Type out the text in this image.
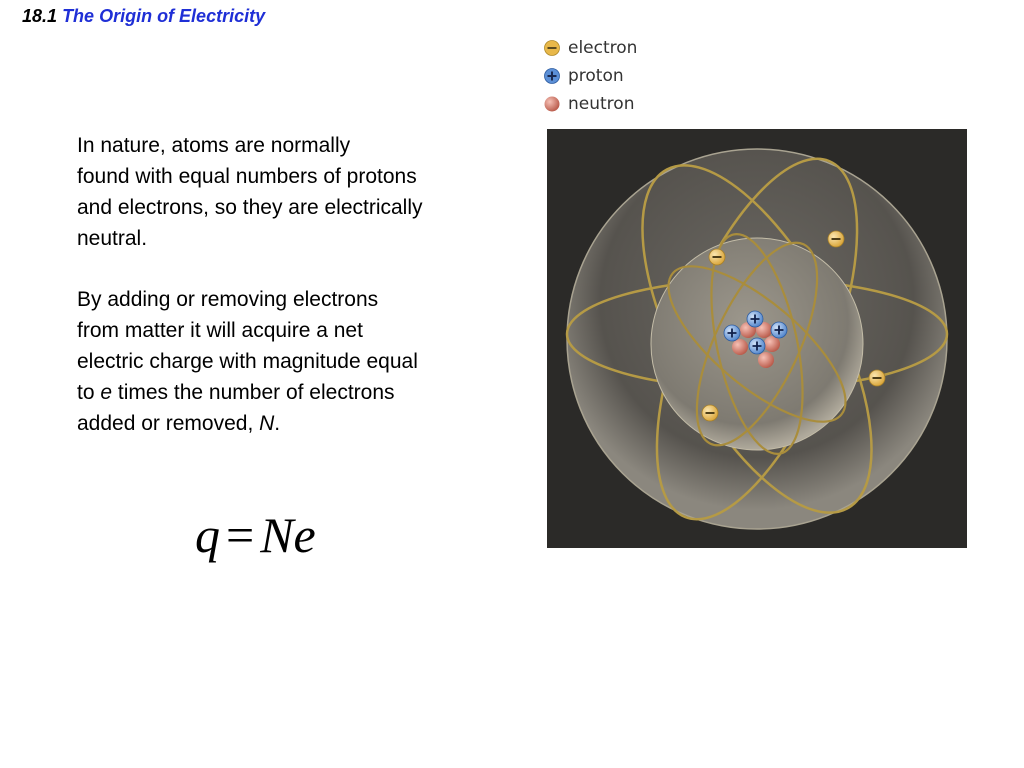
18.1 The Origin of Electricity
electron
proton
neutron

In nature, atoms are normally
found with equal numbers of protons
and electrons, so they are electrically
neutral.

By adding or removing electrons
from matter it will acquire a net
electric charge with magnitude equal
to e times the number of electrons
added or removed, N.

q = Ne
